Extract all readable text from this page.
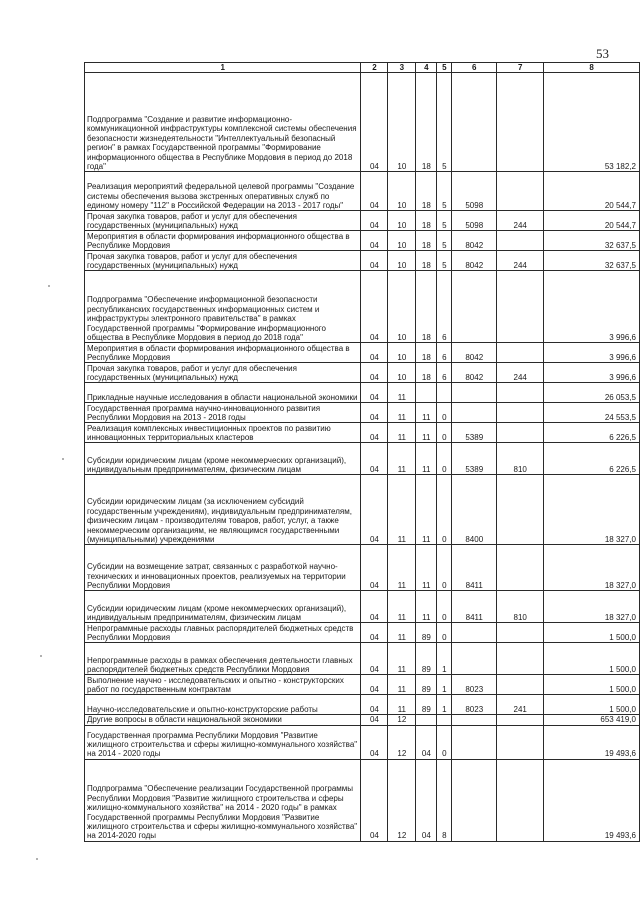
53
1	2	3	4	5	6	7	8
Подпрограмма "Создание и развитие информационно-коммуникационной инфраструктуры комплексной системы обеспечения безопасности жизнедеятельности "Интеллектуальный безопасный регион" в рамках Государственной программы "Формирование информационного общества в Республике Мордовия в период до 2018 года"	04	10	18	5			53 182,2
Реализация мероприятий федеральной целевой программы "Создание системы обеспечения вызова экстренных оперативных служб по единому номеру "112" в Российской Федерации на 2013 - 2017 годы"	04	10	18	5	5098		20 544,7
Прочая закупка товаров, работ и услуг для обеспечения государственных (муниципальных) нужд	04	10	18	5	5098	244	20 544,7
Мероприятия в области формирования информационного общества в Республике Мордовия	04	10	18	5	8042		32 637,5
Прочая закупка товаров, работ и услуг для обеспечения государственных (муниципальных) нужд	04	10	18	5	8042	244	32 637,5
Подпрограмма "Обеспечение информационной безопасности республиканских государственных информационных систем и инфраструктуры электронного правительства" в рамках Государственной программы "Формирование информационного общества в Республике Мордовия в период до 2018 года"	04	10	18	6			3 996,6
Мероприятия в области формирования информационного общества в Республике Мордовия	04	10	18	6	8042		3 996,6
Прочая закупка товаров, работ и услуг для обеспечения государственных (муниципальных) нужд	04	10	18	6	8042	244	3 996,6
Прикладные научные исследования в области национальной экономики	04	11					26 053,5
Государственная программа научно-инновационного развития Республики Мордовия на 2013 - 2018 годы	04	11	11	0			24 553,5
Реализация комплексных инвестиционных проектов по развитию инновационных территориальных кластеров	04	11	11	0	5389		6 226,5
Субсидии юридическим лицам (кроме некоммерческих организаций), индивидуальным предпринимателям, физическим лицам	04	11	11	0	5389	810	6 226,5
Субсидии юридическим лицам (за исключением субсидий государственным учреждениям), индивидуальным предпринимателям, физическим лицам - производителям товаров, работ, услуг, а также некоммерческим организациям, не являющимся государственными (муниципальными) учреждениями	04	11	11	0	8400		18 327,0
Субсидии на возмещение затрат, связанных с разработкой научно-технических и инновационных проектов, реализуемых на территории Республики Мордовия	04	11	11	0	8411		18 327,0
Субсидии юридическим лицам (кроме некоммерческих организаций), индивидуальным предпринимателям, физическим лицам	04	11	11	0	8411	810	18 327,0
Непрограммные расходы главных распорядителей бюджетных средств Республики Мордовия	04	11	89	0			1 500,0
Непрограммные расходы в рамках обеспечения деятельности главных распорядителей бюджетных средств Республики Мордовия	04	11	89	1			1 500,0
Выполнение научно - исследовательских и опытно - конструкторских работ по государственным контрактам	04	11	89	1	8023		1 500,0
Научно-исследовательские и опытно-конструкторские работы	04	11	89	1	8023	241	1 500,0
Другие вопросы в области национальной экономики	04	12					653 419,0
Государственная программа Республики Мордовия "Развитие жилищного строительства и сферы жилищно-коммунального хозяйства" на 2014 - 2020 годы	04	12	04	0			19 493,6
Подпрограмма "Обеспечение реализации Государственной программы Республики Мордовия "Развитие жилищного строительства и сферы жилищно-коммунального хозяйства" на 2014 - 2020 годы" в рамках Государственной программы Республики Мордовия "Развитие жилищного строительства и сферы жилищно-коммунального хозяйства" на 2014-2020 годы	04	12	04	8			19 493,6
